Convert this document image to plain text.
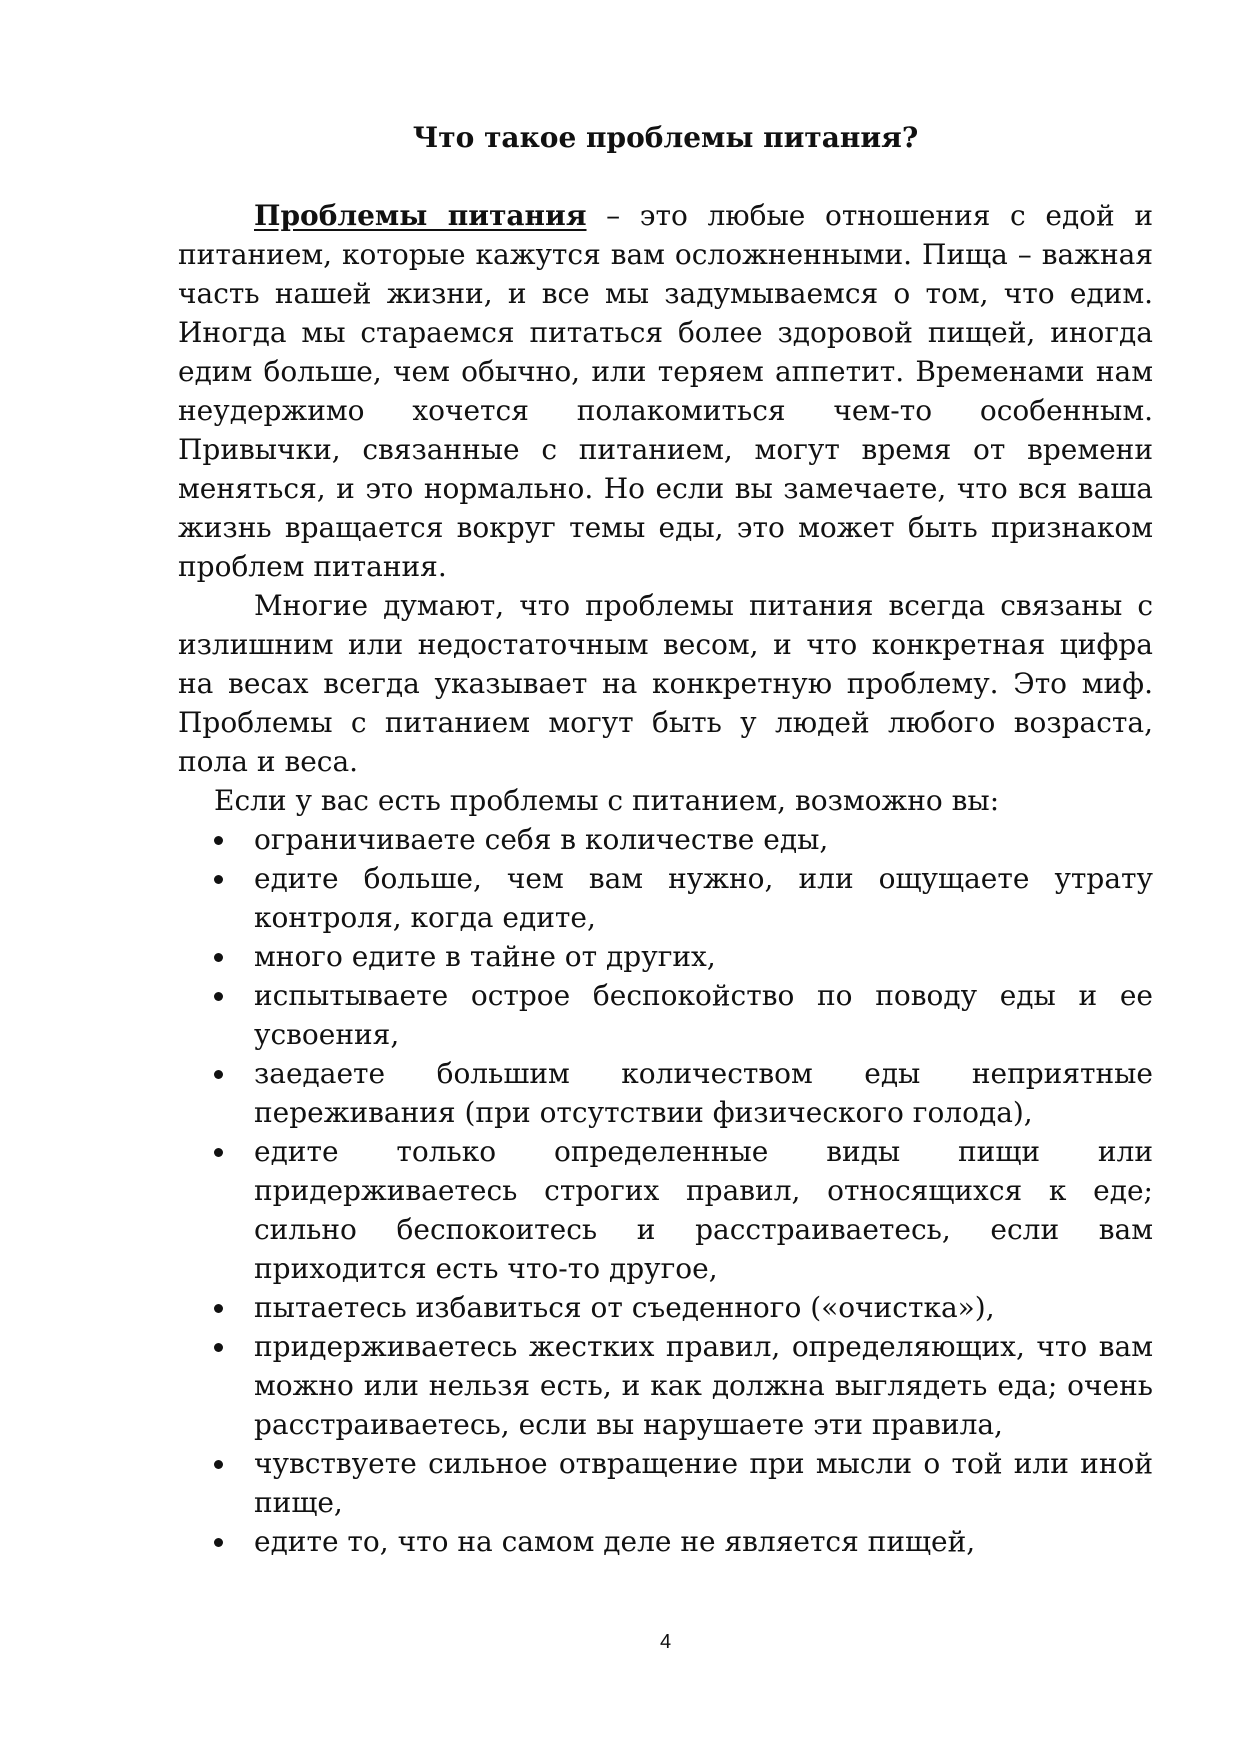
Что такое проблемы питания?

Проблемы питания – это любые отношения с едой и питанием, которые кажутся вам осложненными. Пища – важная часть нашей жизни, и все мы задумываемся о том, что едим. Иногда мы стараемся питаться более здоровой пищей, иногда едим больше, чем обычно, или теряем аппетит. Временами нам неудержимо хочется полакомиться чем-то особенным. Привычки, связанные с питанием, могут время от времени меняться, и это нормально. Но если вы замечаете, что вся ваша жизнь вращается вокруг темы еды, это может быть признаком проблем питания.

Многие думают, что проблемы питания всегда связаны с излишним или недостаточным весом, и что конкретная цифра на весах всегда указывает на конкретную проблему. Это миф. Проблемы с питанием могут быть у людей любого возраста, пола и веса.

Если у вас есть проблемы с питанием, возможно вы:

ограничиваете себя в количестве еды,
едите больше, чем вам нужно, или ощущаете утрату контроля, когда едите,
много едите в тайне от других,
испытываете острое беспокойство по поводу еды и ее усвоения,
заедаете большим количеством еды неприятные переживания (при отсутствии физического голода),
едите только определенные виды пищи или придерживаетесь строгих правил, относящихся к еде; сильно беспокоитесь и расстраиваетесь, если вам приходится есть что-то другое,
пытаетесь избавиться от съеденного («очистка»),
придерживаетесь жестких правил, определяющих, что вам можно или нельзя есть, и как должна выглядеть еда; очень расстраиваетесь, если вы нарушаете эти правила,
чувствуете сильное отвращение при мысли о той или иной пище,
едите то, что на самом деле не является пищей,
4
